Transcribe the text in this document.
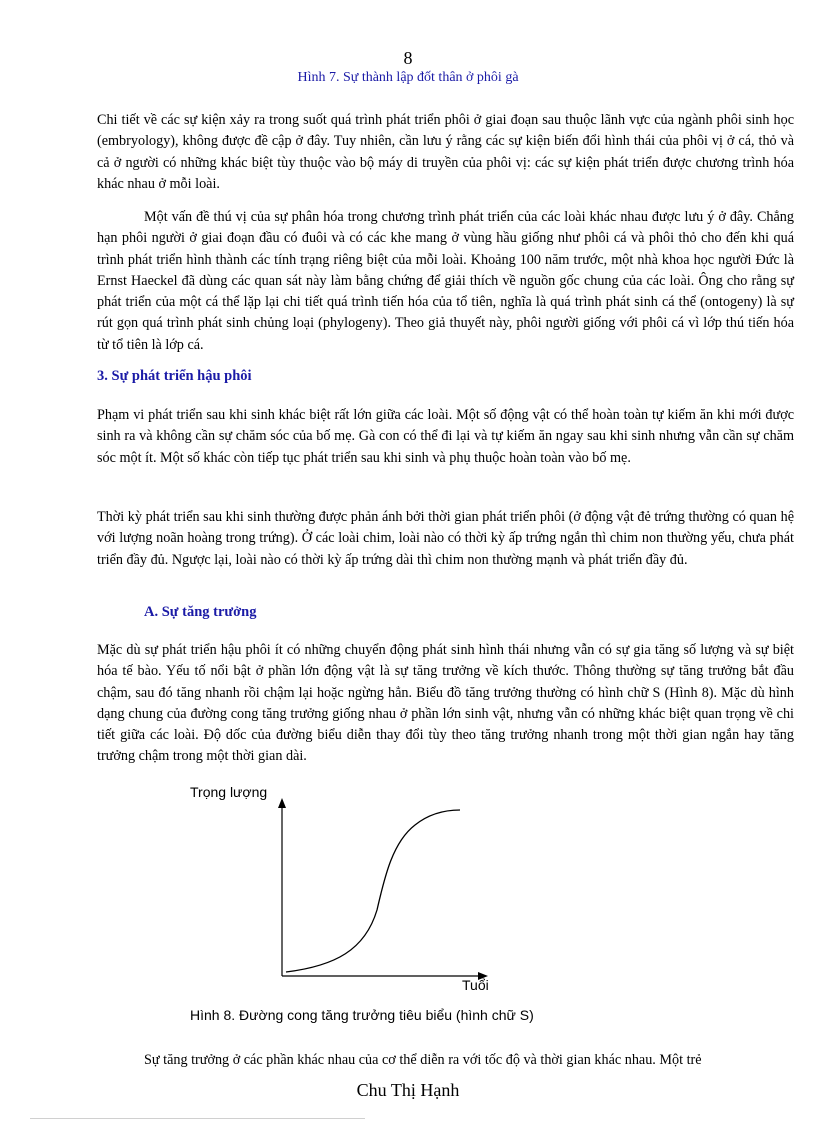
8
Hình 7. Sự thành lập đốt thân ở phôi gà

Chi tiết về các sự kiện xảy ra trong suốt quá trình phát triển phôi ở giai đoạn sau thuộc lãnh vực của ngành phôi sinh học (embryology), không được đề cập ở đây. Tuy nhiên, cần lưu ý rằng các sự kiện biến đổi hình thái của phôi vị ở cá, thỏ và cả ở người có những khác biệt tùy thuộc vào bộ máy di truyền của phôi vị: các sự kiện phát triển được chương trình hóa khác nhau ở mỗi loài.

Một vấn đề thú vị của sự phân hóa trong chương trình phát triển của các loài khác nhau được lưu ý ở đây. Chẳng hạn phôi người ở giai đoạn đầu có đuôi và có các khe mang ở vùng hầu giống như phôi cá và phôi thỏ cho đến khi quá trình phát triển hình thành các tính trạng riêng biệt của mỗi loài. Khoảng 100 năm trước, một nhà khoa học người Đức là Ernst Haeckel đã dùng các quan sát này làm bằng chứng để giải thích về nguồn gốc chung của các loài. Ông cho rằng sự phát triển của một cá thể lặp lại chi tiết quá trình tiến hóa của tổ tiên, nghĩa là quá trình phát sinh cá thể (ontogeny) là sự rút gọn quá trình phát sinh chủng loại (phylogeny). Theo giả thuyết này, phôi người giống với phôi cá vì lớp thú tiến hóa từ tổ tiên là lớp cá.

3. Sự phát triển hậu phôi

Phạm vi phát triển sau khi sinh khác biệt rất lớn giữa các loài. Một số động vật có thể hoàn toàn tự kiếm ăn khi mới được sinh ra và không cần sự chăm sóc của bố mẹ. Gà con có thể đi lại và tự kiếm ăn ngay sau khi sinh nhưng vẫn cần sự chăm sóc một ít. Một số khác còn tiếp tục phát triển sau khi sinh và phụ thuộc hoàn toàn vào bố mẹ.

Thời kỳ phát triển sau khi sinh thường được phản ánh bởi thời gian phát triển phôi (ở động vật đẻ trứng thường có quan hệ với lượng noãn hoàng trong trứng). Ở các loài chim, loài nào có thời kỳ ấp trứng ngắn thì chim non thường yếu, chưa phát triển đầy đủ. Ngược lại, loài nào có thời kỳ ấp trứng dài thì chim non thường mạnh và phát triển đầy đủ.

A. Sự tăng trưởng

Mặc dù sự phát triển hậu phôi ít có những chuyển động phát sinh hình thái nhưng vẫn có sự gia tăng số lượng và sự biệt hóa tế bào. Yếu tố nổi bật ở phần lớn động vật là sự tăng trưởng về kích thước. Thông thường sự tăng trưởng bắt đầu chậm, sau đó tăng nhanh rồi chậm lại hoặc ngừng hẳn. Biểu đồ tăng trưởng thường có hình chữ S (Hình 8). Mặc dù hình dạng chung của đường cong tăng trưởng giống nhau ở phần lớn sinh vật, nhưng vẫn có những khác biệt quan trọng về chi tiết giữa các loài. Độ dốc của đường biểu diễn thay đổi tùy theo tăng trưởng nhanh trong một thời gian ngắn hay tăng trưởng chậm trong một thời gian dài.

Trọng lượng
Tuổi
Hình 8. Đường cong tăng trưởng tiêu biểu (hình chữ S)

Sự tăng trưởng ở các phần khác nhau của cơ thể diễn ra với tốc độ và thời gian khác nhau. Một trẻ

Chu Thị Hạnh
